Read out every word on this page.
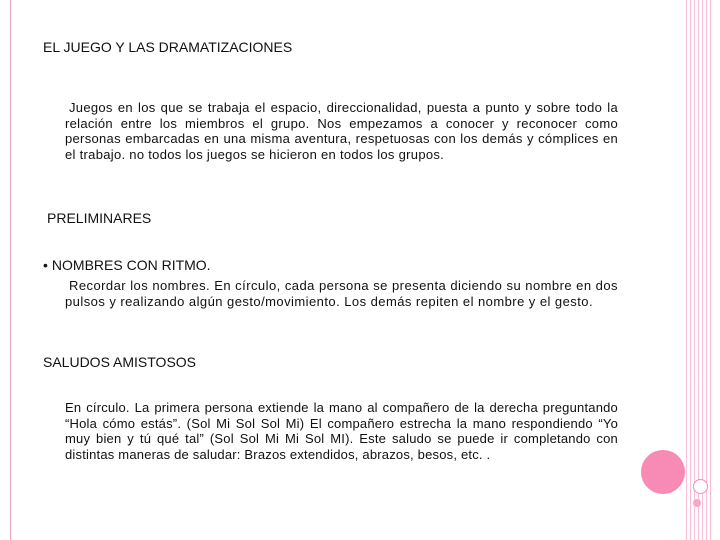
EL JUEGO Y LAS DRAMATIZACIONES
Juegos en los que se trabaja el espacio, direccionalidad, puesta a punto y sobre todo la relación entre los miembros el grupo. Nos empezamos a conocer y reconocer como personas embarcadas en una misma aventura, respetuosas con los demás y cómplices en el trabajo. no todos los juegos se hicieron en todos los grupos.
PRELIMINARES
• NOMBRES CON RITMO.
Recordar los nombres. En círculo, cada persona se presenta diciendo su nombre en dos pulsos y realizando algún gesto/movimiento. Los demás repiten el nombre y el gesto.
SALUDOS AMISTOSOS
En círculo. La primera persona extiende la mano al compañero de la derecha preguntando “Hola cómo estás”. (Sol Mi Sol Sol Mi) El compañero estrecha la mano respondiendo “Yo muy bien y tú qué tal” (Sol Sol Mi Mi Sol MI). Este saludo se puede ir completando con distintas maneras de saludar: Brazos extendidos, abrazos, besos, etc. .
